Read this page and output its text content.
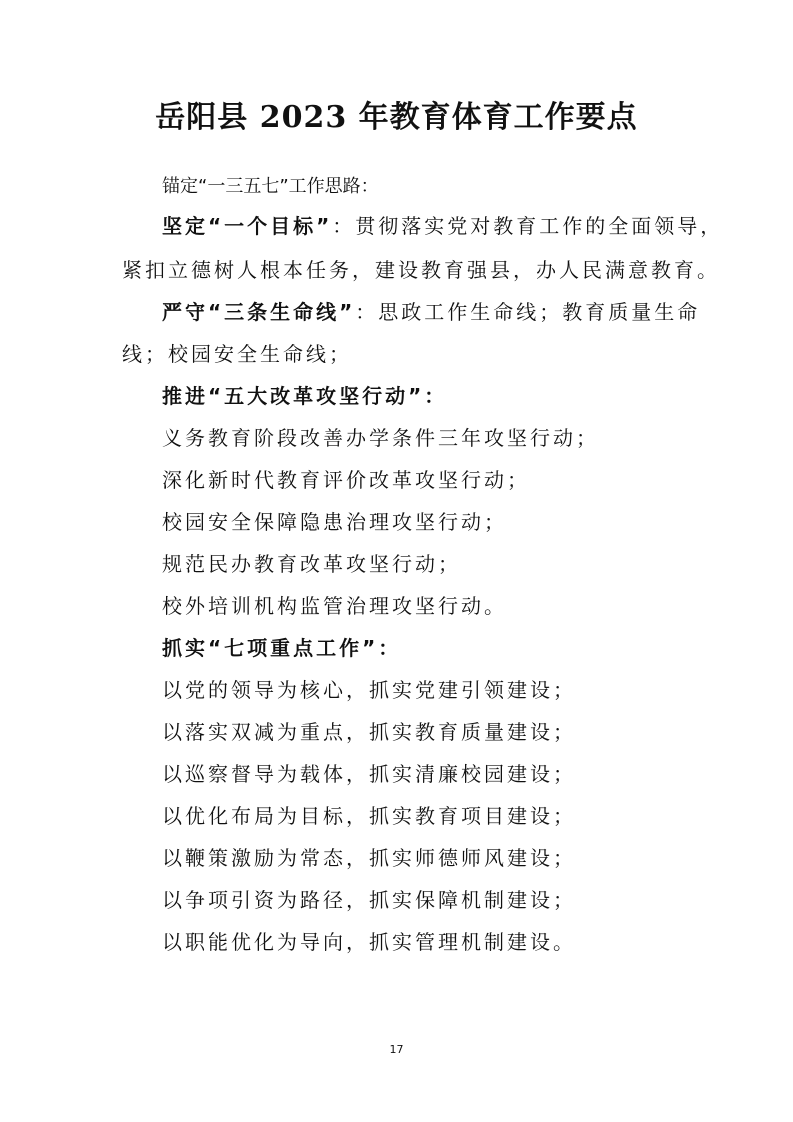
岳阳县 2023 年教育体育工作要点
锚定“一三五七”工作思路：
坚定“一个目标”：贯彻落实党对教育工作的全面领导，
紧扣立德树人根本任务，建设教育强县，办人民满意教育。
严守“三条生命线”：思政工作生命线；教育质量生命
线；校园安全生命线；
推进“五大改革攻坚行动”：
义务教育阶段改善办学条件三年攻坚行动；
深化新时代教育评价改革攻坚行动；
校园安全保障隐患治理攻坚行动；
规范民办教育改革攻坚行动；
校外培训机构监管治理攻坚行动。
抓实“七项重点工作”：
以党的领导为核心，抓实党建引领建设；
以落实双减为重点，抓实教育质量建设；
以巡察督导为载体，抓实清廉校园建设；
以优化布局为目标，抓实教育项目建设；
以鞭策激励为常态，抓实师德师风建设；
以争项引资为路径，抓实保障机制建设；
以职能优化为导向，抓实管理机制建设。
17
